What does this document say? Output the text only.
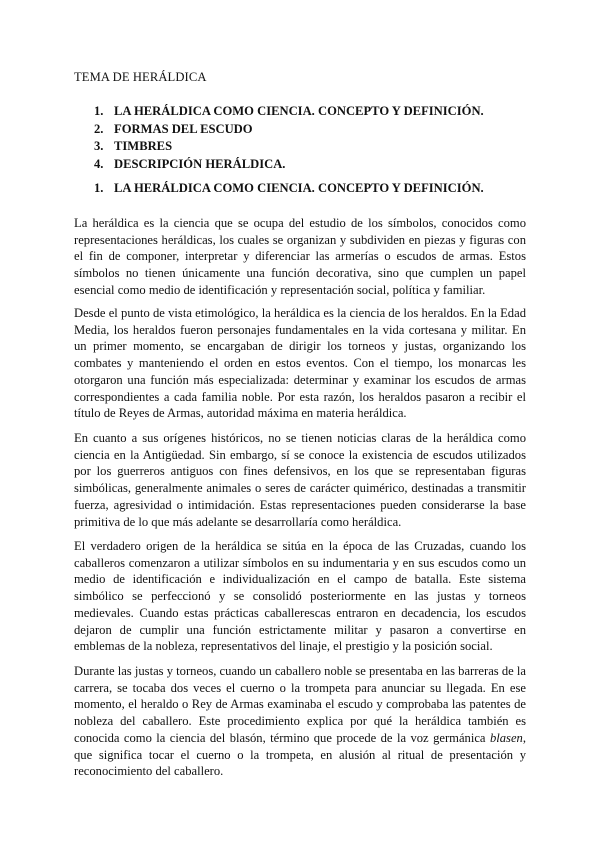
TEMA DE HERÁLDICA
1. LA HERÁLDICA COMO CIENCIA. CONCEPTO Y DEFINICIÓN.
2. FORMAS DEL ESCUDO
3. TIMBRES
4. DESCRIPCIÓN HERÁLDICA.
1. LA HERÁLDICA COMO CIENCIA. CONCEPTO Y DEFINICIÓN.

La heráldica es la ciencia que se ocupa del estudio de los símbolos, conocidos como representaciones heráldicas, los cuales se organizan y subdividen en piezas y figuras con el fin de componer, interpretar y diferenciar las armerías o escudos de armas. Estos símbolos no tienen únicamente una función decorativa, sino que cumplen un papel esencial como medio de identificación y representación social, política y familiar.

Desde el punto de vista etimológico, la heráldica es la ciencia de los heraldos. En la Edad Media, los heraldos fueron personajes fundamentales en la vida cortesana y militar. En un primer momento, se encargaban de dirigir los torneos y justas, organizando los combates y manteniendo el orden en estos eventos. Con el tiempo, los monarcas les otorgaron una función más especializada: determinar y examinar los escudos de armas correspondientes a cada familia noble. Por esta razón, los heraldos pasaron a recibir el título de Reyes de Armas, autoridad máxima en materia heráldica.

En cuanto a sus orígenes históricos, no se tienen noticias claras de la heráldica como ciencia en la Antigüedad. Sin embargo, sí se conoce la existencia de escudos utilizados por los guerreros antiguos con fines defensivos, en los que se representaban figuras simbólicas, generalmente animales o seres de carácter quimérico, destinadas a transmitir fuerza, agresividad o intimidación. Estas representaciones pueden considerarse la base primitiva de lo que más adelante se desarrollaría como heráldica.

El verdadero origen de la heráldica se sitúa en la época de las Cruzadas, cuando los caballeros comenzaron a utilizar símbolos en su indumentaria y en sus escudos como un medio de identificación e individualización en el campo de batalla. Este sistema simbólico se perfeccionó y se consolidó posteriormente en las justas y torneos medievales. Cuando estas prácticas caballerescas entraron en decadencia, los escudos dejaron de cumplir una función estrictamente militar y pasaron a convertirse en emblemas de la nobleza, representativos del linaje, el prestigio y la posición social.

Durante las justas y torneos, cuando un caballero noble se presentaba en las barreras de la carrera, se tocaba dos veces el cuerno o la trompeta para anunciar su llegada. En ese momento, el heraldo o Rey de Armas examinaba el escudo y comprobaba las patentes de nobleza del caballero. Este procedimiento explica por qué la heráldica también es conocida como la ciencia del blasón, término que procede de la voz germánica blasen, que significa tocar el cuerno o la trompeta, en alusión al ritual de presentación y reconocimiento del caballero.
